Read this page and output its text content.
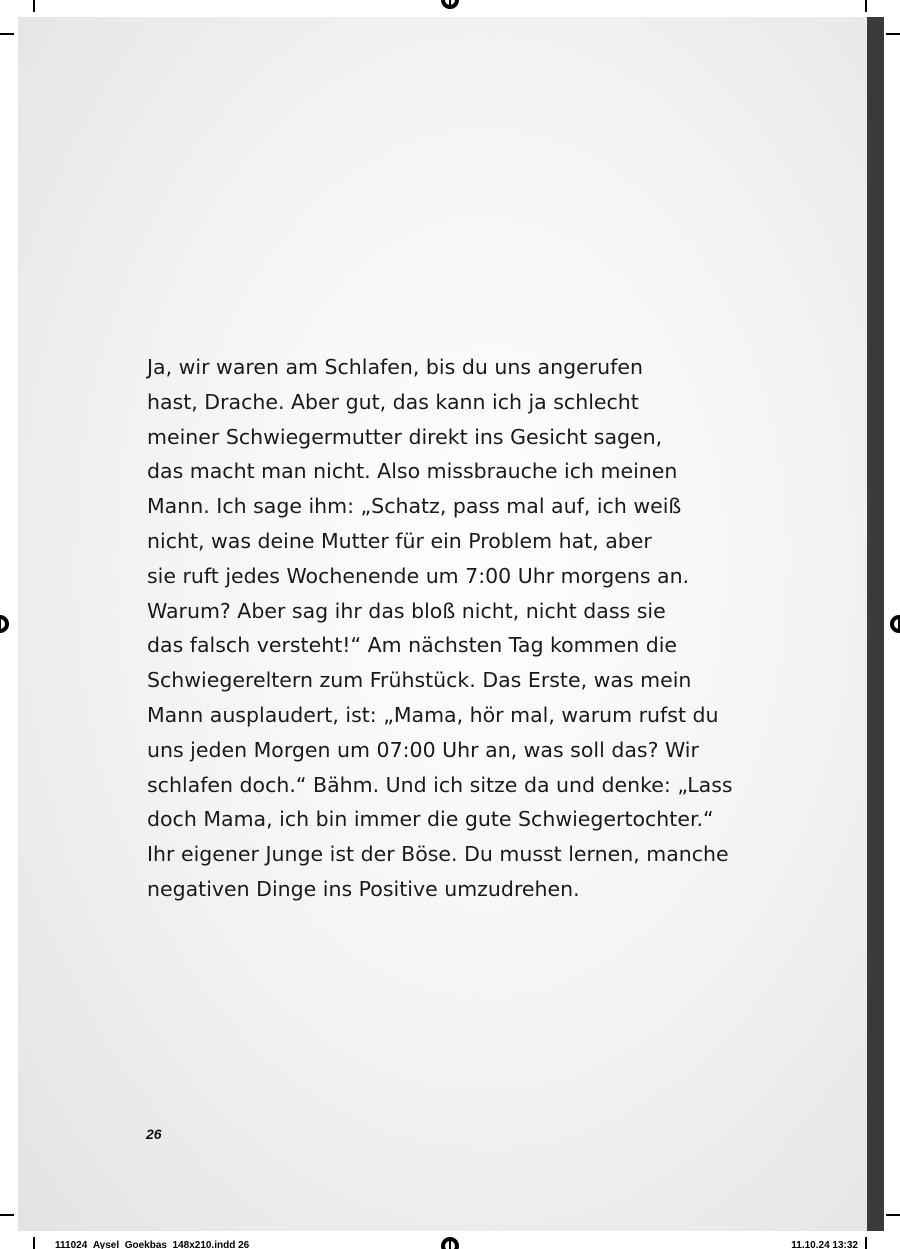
Ja, wir waren am Schlafen, bis du uns angerufen
hast, Drache. Aber gut, das kann ich ja schlecht
meiner Schwiegermutter direkt ins Gesicht sagen,
das macht man nicht. Also missbrauche ich meinen
Mann. Ich sage ihm: „Schatz, pass mal auf, ich weiß
nicht, was deine Mutter für ein Problem hat, aber
sie ruft jedes Wochenende um 7:00 Uhr morgens an.
Warum? Aber sag ihr das bloß nicht, nicht dass sie
das falsch versteht!“ Am nächsten Tag kommen die
Schwiegereltern zum Frühstück. Das Erste, was mein
Mann ausplaudert, ist: „Mama, hör mal, warum rufst du
uns jeden Morgen um 07:00 Uhr an, was soll das? Wir
schlafen doch.“ Bähm. Und ich sitze da und denke: „Lass
doch Mama, ich bin immer die gute Schwiegertochter.“
Ihr eigener Junge ist der Böse. Du musst lernen, manche
negativen Dinge ins Positive umzudrehen.
26
111024_Aysel_Goekbas_148x210.indd 26	11.10.24 13:32
